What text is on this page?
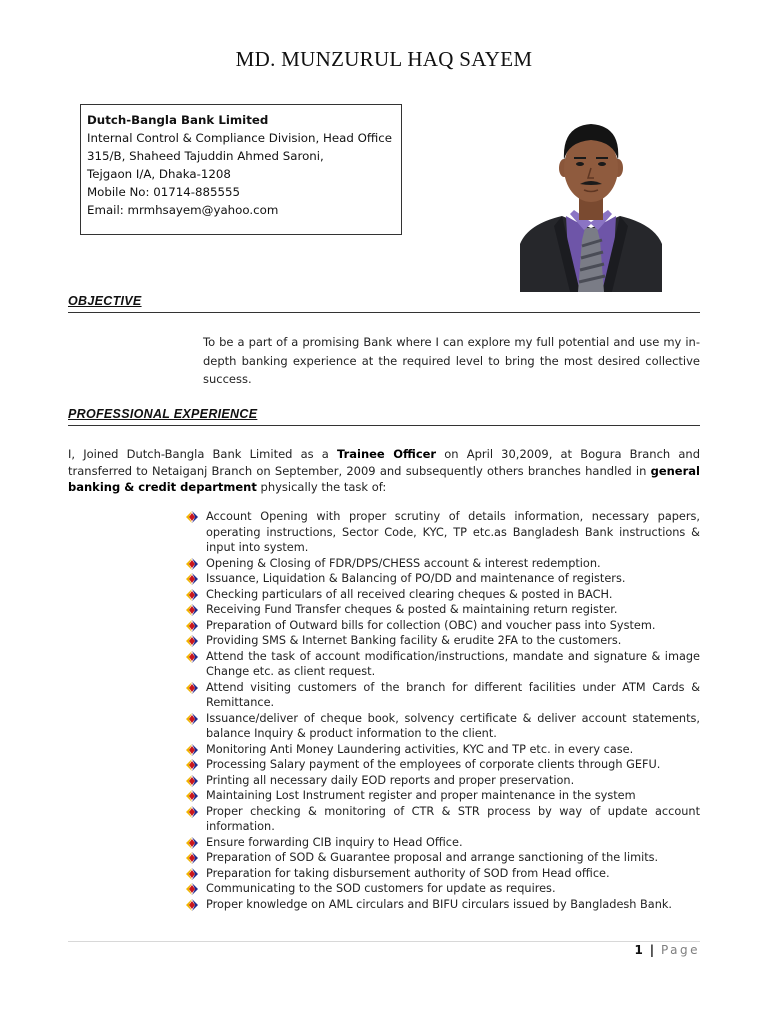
MD. MUNZURUL HAQ SAYEM
Dutch-Bangla Bank Limited
Internal Control & Compliance Division, Head Office
315/B, Shaheed Tajuddin Ahmed Saroni,
Tejgaon I/A, Dhaka-1208
Mobile No: 01714-885555
Email: mrmhsayem@yahoo.com
OBJECTIVE
To be a part of a promising Bank where I can explore my full potential and use my in-depth banking experience at the required level to bring the most desired collective success.
PROFESSIONAL EXPERIENCE
I, Joined Dutch-Bangla Bank Limited as a Trainee Officer on April 30,2009, at Bogura Branch and transferred to Netaiganj Branch on September, 2009 and subsequently others branches handled in general banking & credit department physically the task of:
Account Opening with proper scrutiny of details information, necessary papers, operating instructions, Sector Code, KYC, TP etc.as Bangladesh Bank instructions & input into system.
Opening & Closing of FDR/DPS/CHESS account & interest redemption.
Issuance, Liquidation & Balancing of PO/DD and maintenance of registers.
Checking particulars of all received clearing cheques & posted in BACH.
Receiving Fund Transfer cheques & posted & maintaining return register.
Preparation of Outward bills for collection (OBC) and voucher pass into System.
Providing SMS & Internet Banking facility & erudite 2FA to the customers.
Attend the task of account modification/instructions, mandate and signature & image Change etc. as client request.
Attend visiting customers of the branch for different facilities under ATM Cards & Remittance.
Issuance/deliver of cheque book, solvency certificate & deliver account statements, balance Inquiry & product information to the client.
Monitoring Anti Money Laundering activities, KYC and TP etc. in every case.
Processing Salary payment of the employees of corporate clients through GEFU.
Printing all necessary daily EOD reports and proper preservation.
Maintaining Lost Instrument register and proper maintenance in the system
Proper checking & monitoring of CTR & STR process by way of update account information.
Ensure forwarding CIB inquiry to Head Office.
Preparation of SOD & Guarantee proposal and arrange sanctioning of the limits.
Preparation for taking disbursement authority of SOD from Head office.
Communicating to the SOD customers for update as requires.
Proper knowledge on AML circulars and BIFU circulars issued by Bangladesh Bank.
1 | Page
